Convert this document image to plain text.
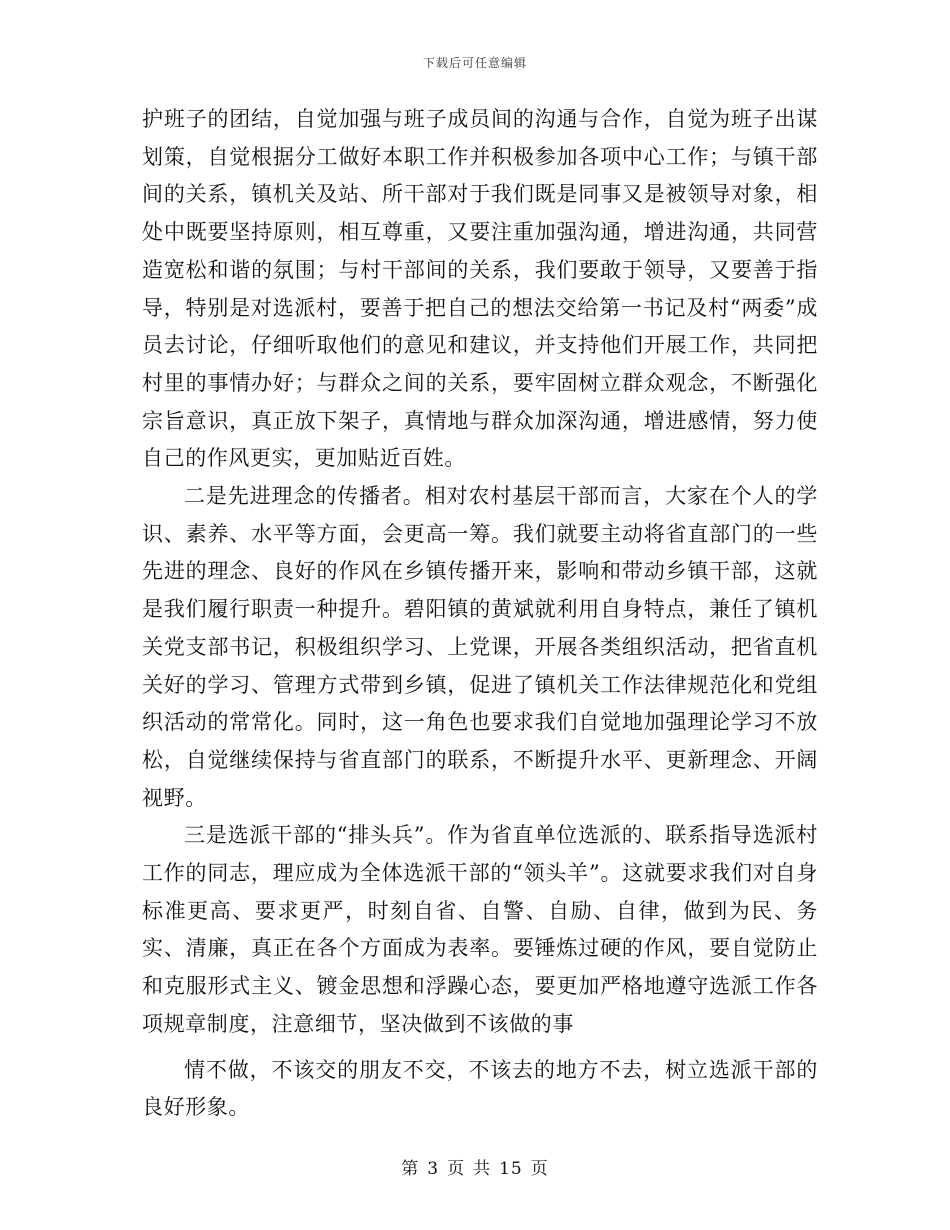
下载后可任意编辑

护班子的团结，自觉加强与班子成员间的沟通与合作，自觉为班子出谋划策，自觉根据分工做好本职工作并积极参加各项中心工作；与镇干部间的关系，镇机关及站、所干部对于我们既是同事又是被领导对象，相处中既要坚持原则，相互尊重，又要注重加强沟通，增进沟通，共同营造宽松和谐的氛围；与村干部间的关系，我们要敢于领导，又要善于指导，特别是对选派村，要善于把自己的想法交给第一书记及村“两委”成员去讨论，仔细听取他们的意见和建议，并支持他们开展工作，共同把村里的事情办好；与群众之间的关系，要牢固树立群众观念，不断强化宗旨意识，真正放下架子，真情地与群众加深沟通，增进感情，努力使自己的作风更实，更加贴近百姓。

二是先进理念的传播者。相对农村基层干部而言，大家在个人的学识、素养、水平等方面，会更高一筹。我们就要主动将省直部门的一些先进的理念、良好的作风在乡镇传播开来，影响和带动乡镇干部，这就是我们履行职责一种提升。碧阳镇的黄斌就利用自身特点，兼任了镇机关党支部书记，积极组织学习、上党课，开展各类组织活动，把省直机关好的学习、管理方式带到乡镇，促进了镇机关工作法律规范化和党组织活动的常常化。同时，这一角色也要求我们自觉地加强理论学习不放松，自觉继续保持与省直部门的联系，不断提升水平、更新理念、开阔视野。

三是选派干部的“排头兵”。作为省直单位选派的、联系指导选派村工作的同志，理应成为全体选派干部的“领头羊”。这就要求我们对自身标准更高、要求更严，时刻自省、自警、自励、自律，做到为民、务实、清廉，真正在各个方面成为表率。要锤炼过硬的作风，要自觉防止和克服形式主义、镀金思想和浮躁心态，要更加严格地遵守选派工作各项规章制度，注意细节，坚决做到不该做的事

情不做，不该交的朋友不交，不该去的地方不去，树立选派干部的良好形象。

第 3 页 共 15 页
